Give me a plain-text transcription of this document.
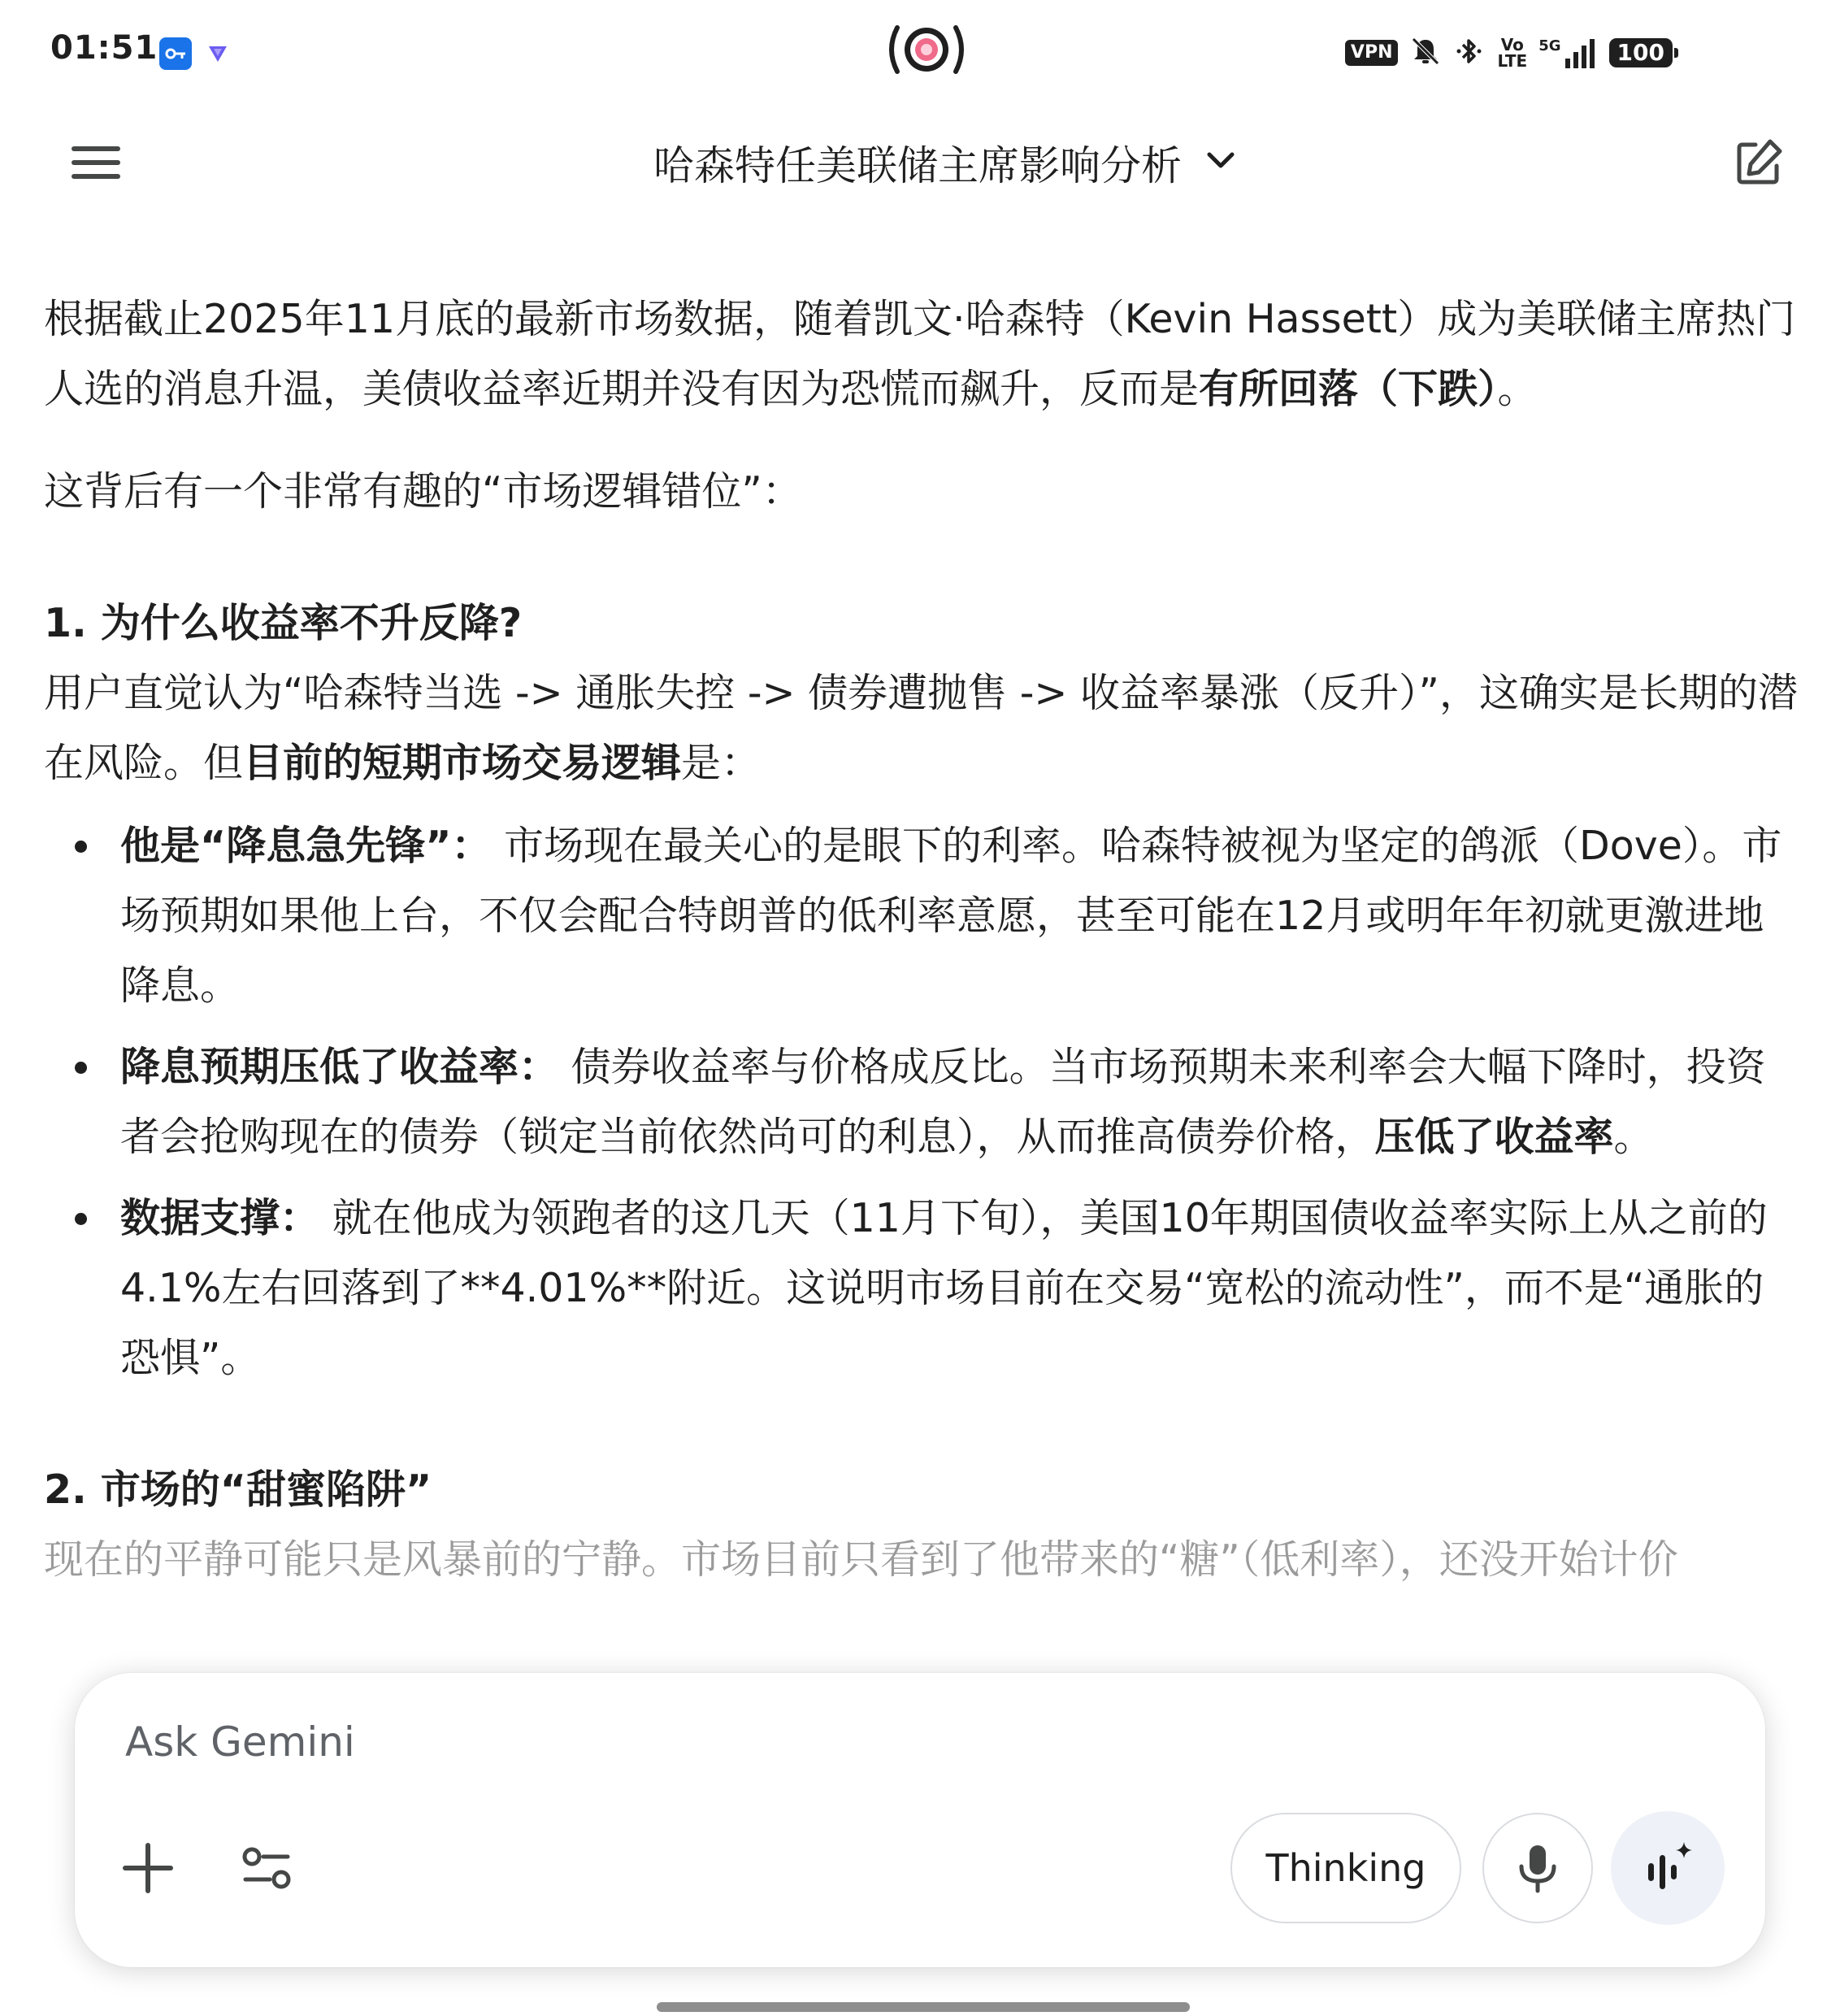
01:51	VPN	Vo
LTE
5G	100
哈森特任美联储主席影响分析

根据截止2025年11月底的最新市场数据，随着凯文·哈森特（Kevin Hassett）成为美联储主席热门人选的消息升温，美债收益率近期并没有因为恐慌而飙升，反而是有所回落（下跌）。

这背后有一个非常有趣的“市场逻辑错位”：

1. 为什么收益率不升反降?

用户直觉认为“哈森特当选 -> 通胀失控 -> 债券遭抛售 -> 收益率暴涨（反升）”，这确实是长期的潜在风险。但目前的短期市场交易逻辑是：

他是“降息急先锋”： 市场现在最关心的是眼下的利率。哈森特被视为坚定的鸽派（Dove）。市场预期如果他上台，不仅会配合特朗普的低利率意愿，甚至可能在12月或明年年初就更激进地降息。
降息预期压低了收益率： 债券收益率与价格成反比。当市场预期未来利率会大幅下降时，投资者会抢购现在的债券（锁定当前依然尚可的利息），从而推高债券价格，压低了收益率。
数据支撑： 就在他成为领跑者的这几天（11月下旬），美国10年期国债收益率实际上从之前的4.1%左右回落到了**4.01%**附近。这说明市场目前在交易“宽松的流动性”，而不是“通胀的恐惧”。

2. 市场的“甜蜜陷阱”

现在的平静可能只是风暴前的宁静。市场目前只看到了他带来的“糖”（低利率），还没开始计价

Ask Gemini
Thinking
